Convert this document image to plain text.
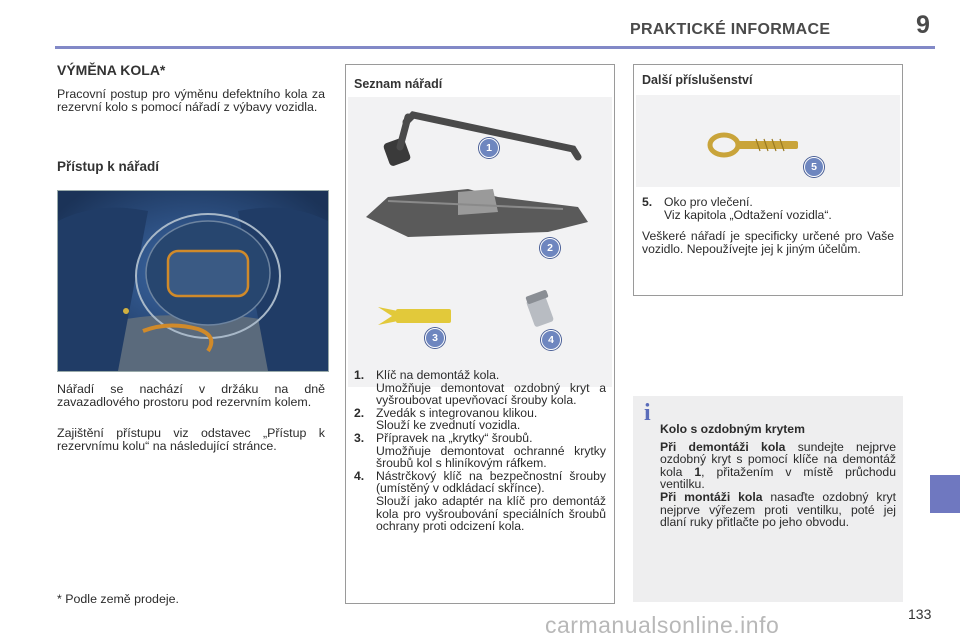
PRAKTICKÉ INFORMACE	9
VÝMĚNA KOLA*
Pracovní postup pro výměnu defektního kola za rezervní kolo s pomocí nářadí z výbavy vozidla.
Přístup k nářadí
Nářadí se nachází v držáku na dně zavazadlového prostoru pod rezervním kolem.
Zajištění přístupu viz odstavec „Přístup k rezervnímu kolu“ na následující stránce.
* Podle země prodeje.
Seznam nářadí
1
2
3	4
1. Klíč na demontáž kola.
Umožňuje demontovat ozdobný kryt a vyšroubovat upevňovací šrouby kola.
2. Zvedák s integrovanou klikou.
Slouží ke zvednutí vozidla.
3. Přípravek na „krytky“ šroubů.
Umožňuje demontovat ochranné krytky šroubů kol s hliníkovým ráfkem.
4. Nástrčkový klíč na bezpečnostní šrouby (umístěný v odkládací skřínce).
Slouží jako adaptér na klíč pro demontáž kola pro vyšroubování speciálních šroubů ochrany proti odcizení kola.
Další příslušenství
5
5. Oko pro vlečení.
Viz kapitola „Odtažení vozidla“.
Veškeré nářadí je specificky určené pro Vaše vozidlo. Nepoužívejte jej k jiným účelům.
i
Kolo s ozdobným krytem
Při demontáži kola sundejte nejprve ozdobný kryt s pomocí klíče na demontáž kola 1, přitažením v místě průchodu ventilku.
Při montáži kola nasaďte ozdobný kryt nejprve výřezem proti ventilku, poté jej dlaní ruky přitlačte po jeho obvodu.
carmanualsonline.info	133
